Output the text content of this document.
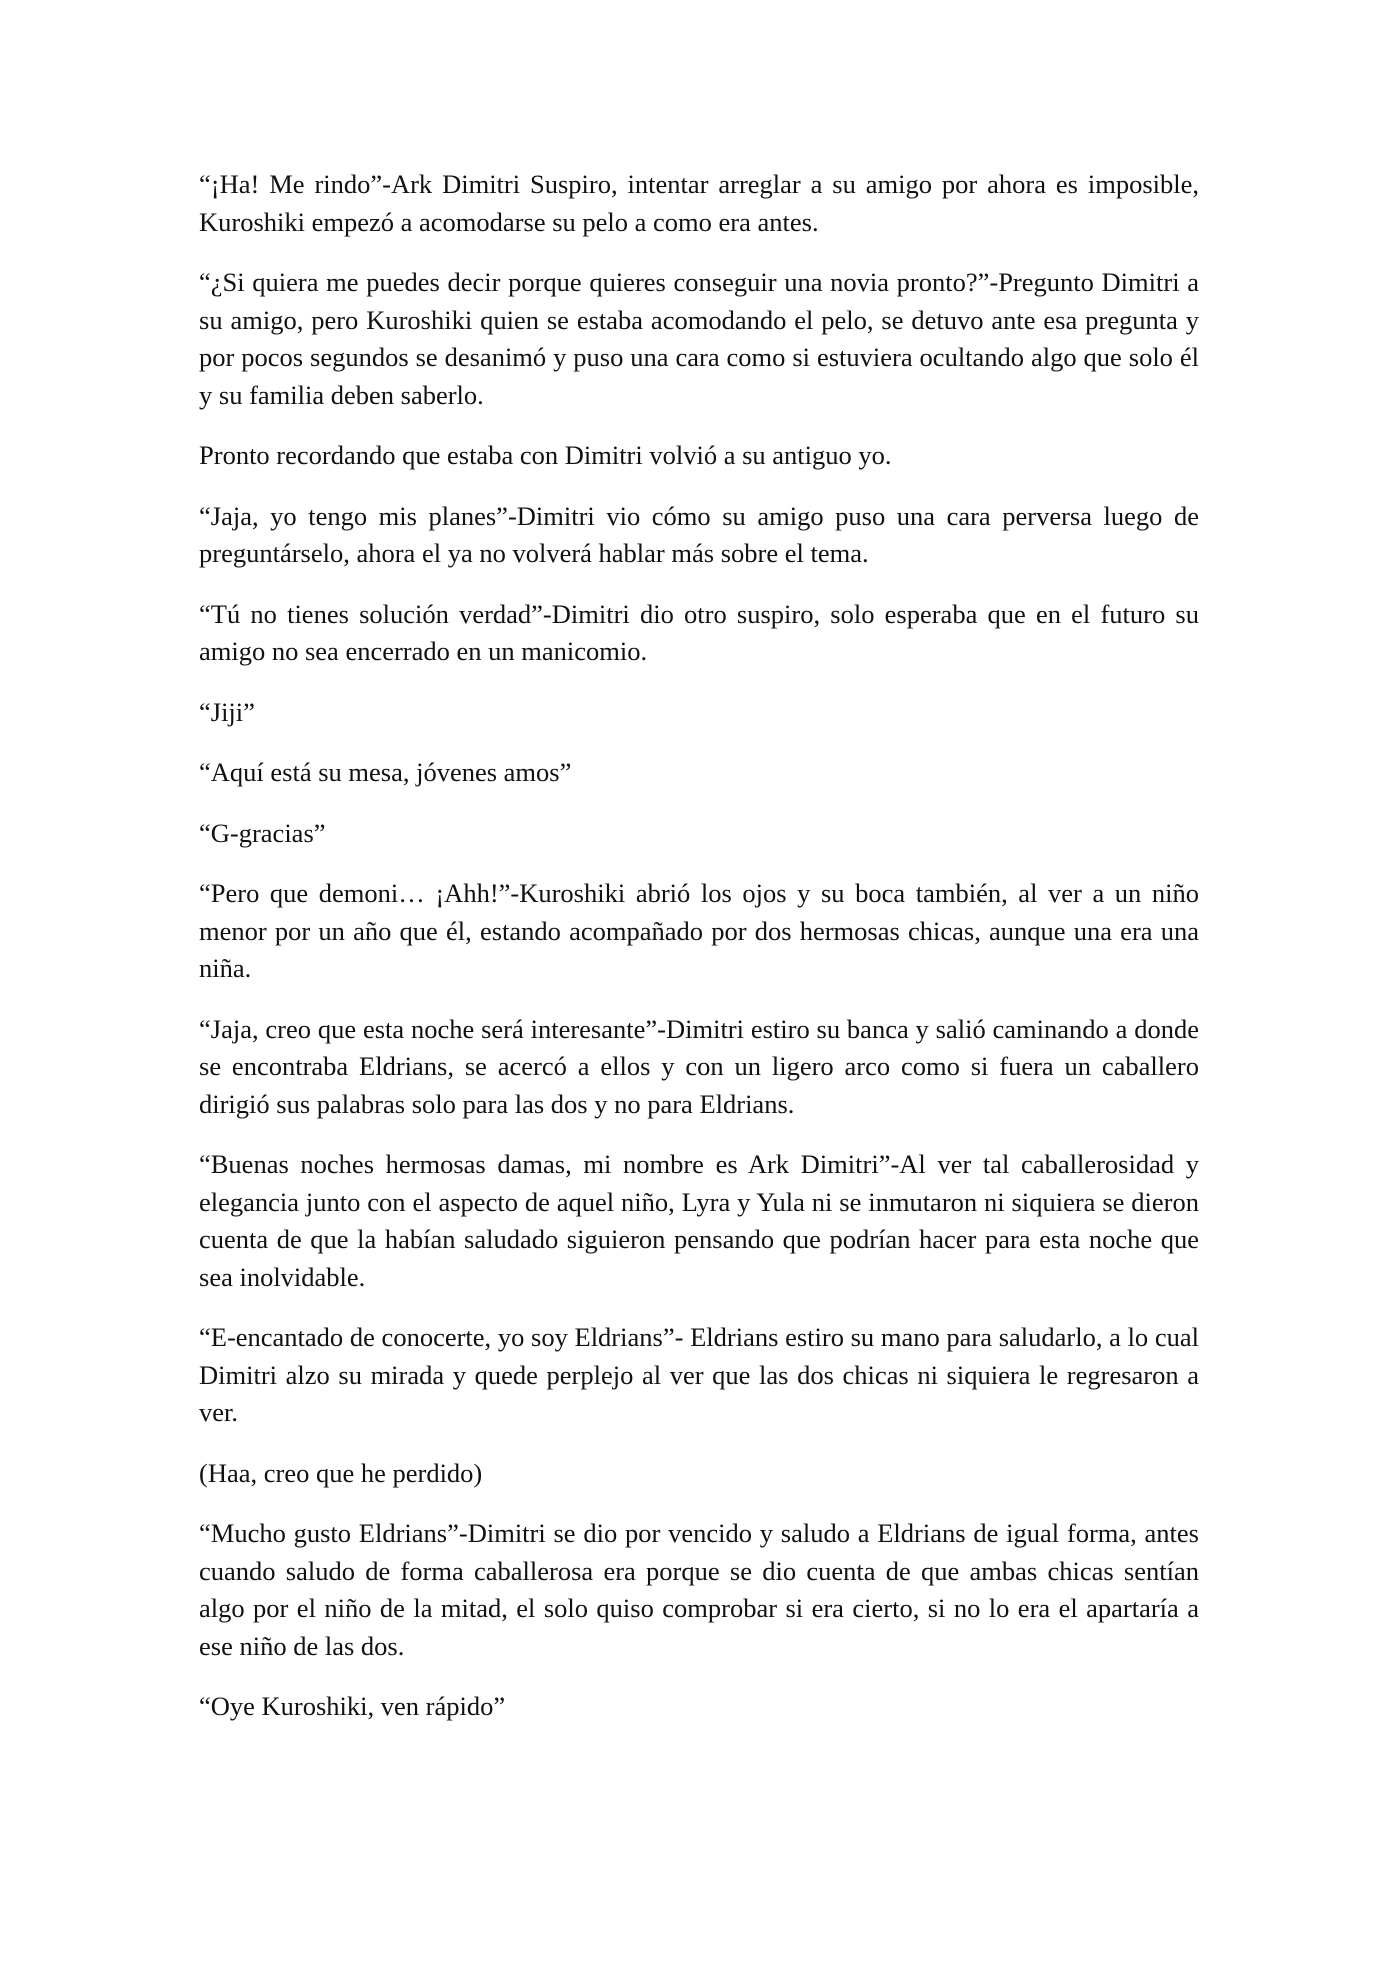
“¡Ha! Me rindo”-Ark Dimitri Suspiro, intentar arreglar a su amigo por ahora es imposible, Kuroshiki empezó a acomodarse su pelo a como era antes.

“¿Si quiera me puedes decir porque quieres conseguir una novia pronto?”-Pregunto Dimitri a su amigo, pero Kuroshiki quien se estaba acomodando el pelo, se detuvo ante esa pregunta y por pocos segundos se desanimó y puso una cara como si estuviera ocultando algo que solo él y su familia deben saberlo.

Pronto recordando que estaba con Dimitri volvió a su antiguo yo.

“Jaja, yo tengo mis planes”-Dimitri vio cómo su amigo puso una cara perversa luego de preguntárselo, ahora el ya no volverá hablar más sobre el tema.

“Tú no tienes solución verdad”-Dimitri dio otro suspiro, solo esperaba que en el futuro su amigo no sea encerrado en un manicomio.

“Jiji”

“Aquí está su mesa, jóvenes amos”

“G-gracias”

“Pero que demoni… ¡Ahh!”-Kuroshiki abrió los ojos y su boca también, al ver a un niño menor por un año que él, estando acompañado por dos hermosas chicas, aunque una era una niña.

“Jaja, creo que esta noche será interesante”-Dimitri estiro su banca y salió caminando a donde se encontraba Eldrians, se acercó a ellos y con un ligero arco como si fuera un caballero dirigió sus palabras solo para las dos y no para Eldrians.

“Buenas noches hermosas damas, mi nombre es Ark Dimitri”-Al ver tal caballerosidad y elegancia junto con el aspecto de aquel niño, Lyra y Yula ni se inmutaron ni siquiera se dieron cuenta de que la habían saludado siguieron pensando que podrían hacer para esta noche que sea inolvidable.

“E-encantado de conocerte, yo soy Eldrians”- Eldrians estiro su mano para saludarlo, a lo cual Dimitri alzo su mirada y quede perplejo al ver que las dos chicas ni siquiera le regresaron a ver.

(Haa, creo que he perdido)

“Mucho gusto Eldrians”-Dimitri se dio por vencido y saludo a Eldrians de igual forma, antes cuando saludo de forma caballerosa era porque se dio cuenta de que ambas chicas sentían algo por el niño de la mitad, el solo quiso comprobar si era cierto, si no lo era el apartaría a ese niño de las dos.

“Oye Kuroshiki, ven rápido”
